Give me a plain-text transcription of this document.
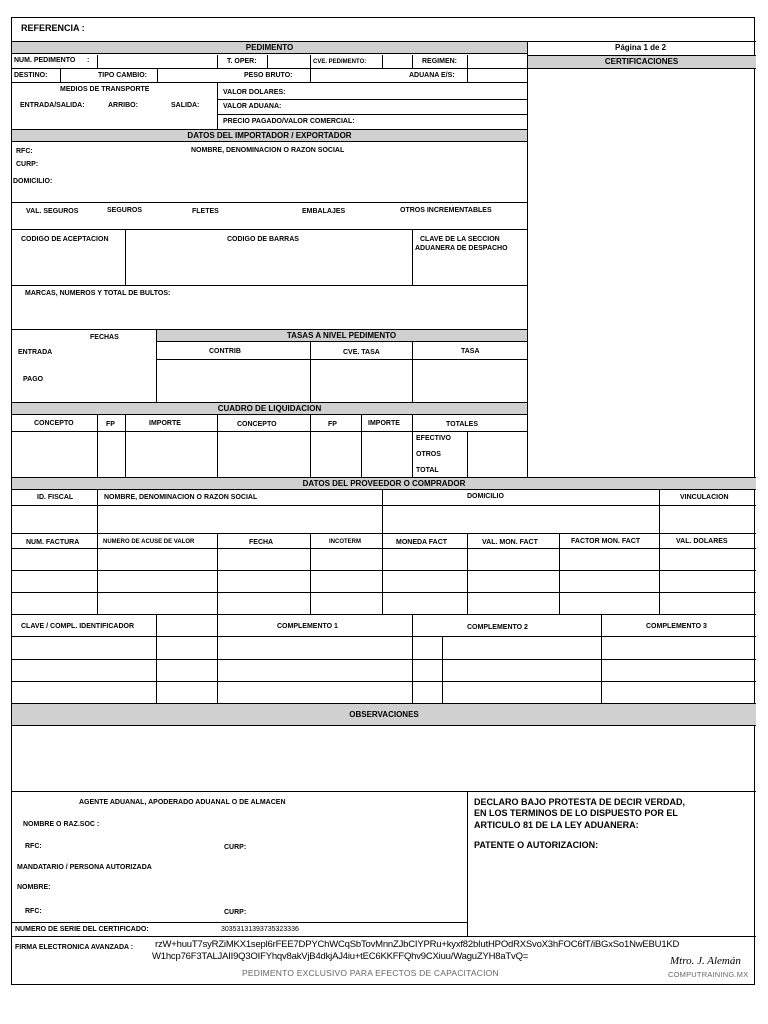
REFERENCIA :
PEDIMENTO	Página 1 de 2
CERTIFICACIONES
NUM. PEDIMENTO :	T. OPER:	CVE. PEDIMENTO:	REGIMEN:
DESTINO:	TIPO CAMBIO:	PESO BRUTO:	ADUANA E/S:
MEDIOS DE TRANSPORTE
ENTRADA/SALIDA:	ARRIBO:	SALIDA:
VALOR DOLARES:
VALOR ADUANA:
PRECIO PAGADO/VALOR COMERCIAL:
DATOS DEL IMPORTADOR / EXPORTADOR
RFC:	NOMBRE, DENOMINACION O RAZON SOCIAL
CURP:
DOMICILIO:
VAL. SEGUROS	SEGUROS	FLETES	EMBALAJES	OTROS INCREMENTABLES
CODIGO DE ACEPTACION	CODIGO DE BARRAS	CLAVE DE LA SECCION
ADUANERA DE DESPACHO
MARCAS, NUMEROS Y TOTAL DE BULTOS:
FECHAS	TASAS A NIVEL PEDIMENTO
ENTRADA	CONTRIB	CVE. TASA	TASA
PAGO
CUADRO DE LIQUIDACION
CONCEPTO	FP	IMPORTE	CONCEPTO	FP	IMPORTE	TOTALES
EFECTIVO
OTROS
TOTAL
DATOS DEL PROVEEDOR O COMPRADOR
ID. FISCAL	NOMBRE, DENOMINACION O RAZON SOCIAL	DOMICILIO	VINCULACION
NUM. FACTURA	NUMERO DE ACUSE DE VALOR	FECHA	INCOTERM	MONEDA FACT	VAL. MON. FACT	FACTOR MON. FACT	VAL. DOLARES
CLAVE / COMPL. IDENTIFICADOR	COMPLEMENTO 1	COMPLEMENTO 2	COMPLEMENTO 3
OBSERVACIONES
AGENTE ADUANAL, APODERADO ADUANAL O DE ALMACEN
NOMBRE O RAZ.SOC :
RFC:	CURP:
MANDATARIO / PERSONA AUTORIZADA
NOMBRE:
RFC:	CURP:
NUMERO DE SERIE DEL CERTIFICADO:	30353131393735323336
DECLARO BAJO PROTESTA DE DECIR VERDAD,
EN LOS TERMINOS DE LO DISPUESTO POR EL
ARTICULO 81 DE LA LEY ADUANERA:
PATENTE O AUTORIZACION:
FIRMA ELECTRONICA AVANZADA : rzW+huuT7syRZiMKX1sepl6rFEE7DPYChWCqSbTovMnnZJbCIYPRu+kyxf82bIutHPOdRXSvoX3hFOC6fT/iBGxSo1NwEBU1KD
W1hcp76F3TALJAII9Q3OIFYhqv8akVjB4dkjAJ4iu+tEC6KKFFQhv9CXiuu/WaguZYH8aTvQ=
PEDIMENTO EXCLUSIVO PARA EFECTOS DE CAPACITACION
Mtro. J. Alemán
COMPUTRAINING.MX
